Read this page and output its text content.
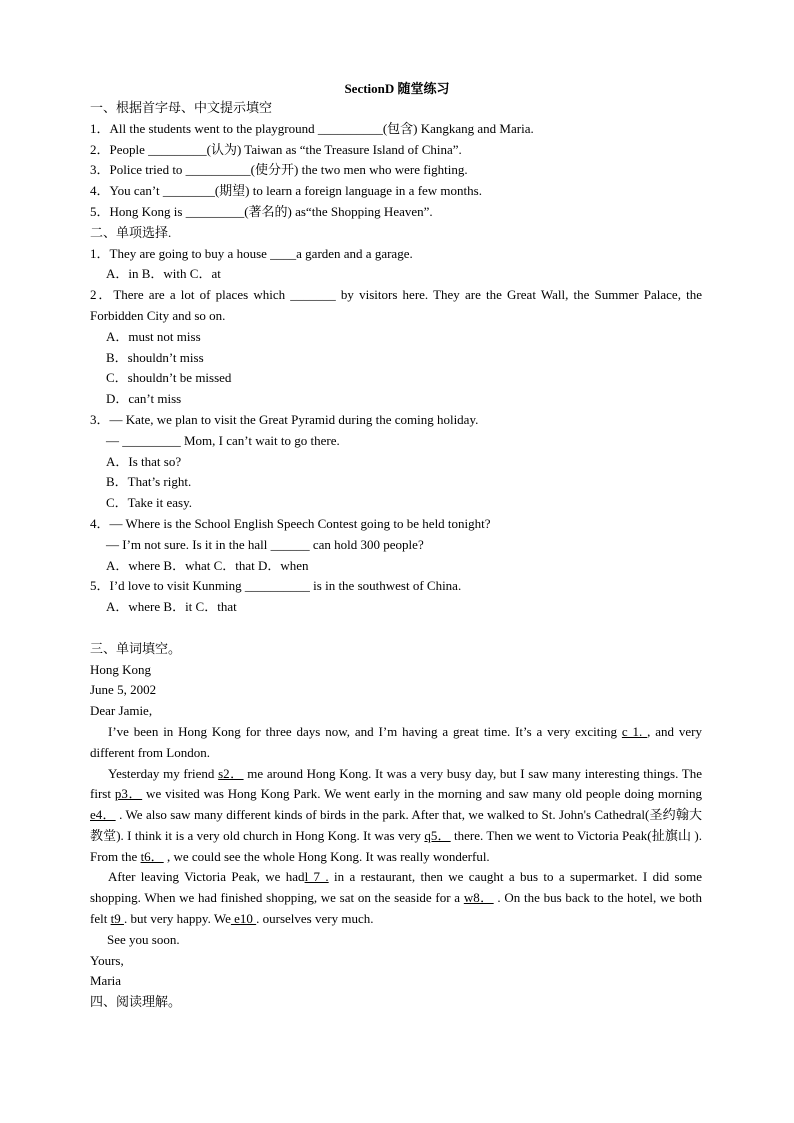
SectionD 随堂练习
一、根据首字母、中文提示填空
1．All the students went to the playground __________(包含) Kangkang and Maria.
2．People _________(认为) Taiwan as “the Treasure Island of China”.
3．Police tried to __________(使分开) the two men who were fighting.
4．You can’t ________(期望) to learn a foreign language in a few months.
5．Hong Kong is _________(著名的) as“the Shopping Heaven”.
二、单项选择.
1．They are going to buy a house ____a garden and a garage.
A．in B．with C．at
2．There are a lot of places which _______ by visitors here. They are the Great Wall, the Summer Palace, the Forbidden City and so on.
A．must not miss
B．shouldn’t miss
C．shouldn’t be missed
D．can’t miss
3．— Kate, we plan to visit the Great Pyramid during the coming holiday.
— _________ Mom, I can’t wait to go there.
A．Is that so?
B．That’s right.
C．Take it easy.
4．— Where is the School English Speech Contest going to be held tonight?
— I’m not sure. Is it in the hall ______ can hold 300 people?
A．where B．what C．that D．when
5．I’d love to visit Kunming __________ is in the southwest of China.
A．where B．it C．that
三、单词填空。
Hong Kong
June 5, 2002
Dear Jamie,
I’ve been in Hong Kong for three days now, and I’m having a great time. It’s a very exciting c 1. , and very different from London.
Yesterday my friend s2． me around Hong Kong. It was a very busy day, but I saw many interesting things. The first p3． we visited was Hong Kong Park. We went early in the morning and saw many old people doing morning e4． . We also saw many different kinds of birds in the park. After that, we walked to St. John's Cathedral(圣约翰大教堂). I think it is a very old church in Hong Kong. It was very q5． there. Then we went to Victoria Peak(扯旗山 ). From the t6． , we could see the whole Hong Kong. It was really wonderful.
After leaving Victoria Peak, we hadl 7 . in a restaurant, then we caught a bus to a supermarket. I did some shopping. When we had finished shopping, we sat on the seaside for a w8． . On the bus back to the hotel, we both felt t9 . but very happy. We e10 . ourselves very much.
See you soon.
Yours,
Maria
四、阅读理解。
